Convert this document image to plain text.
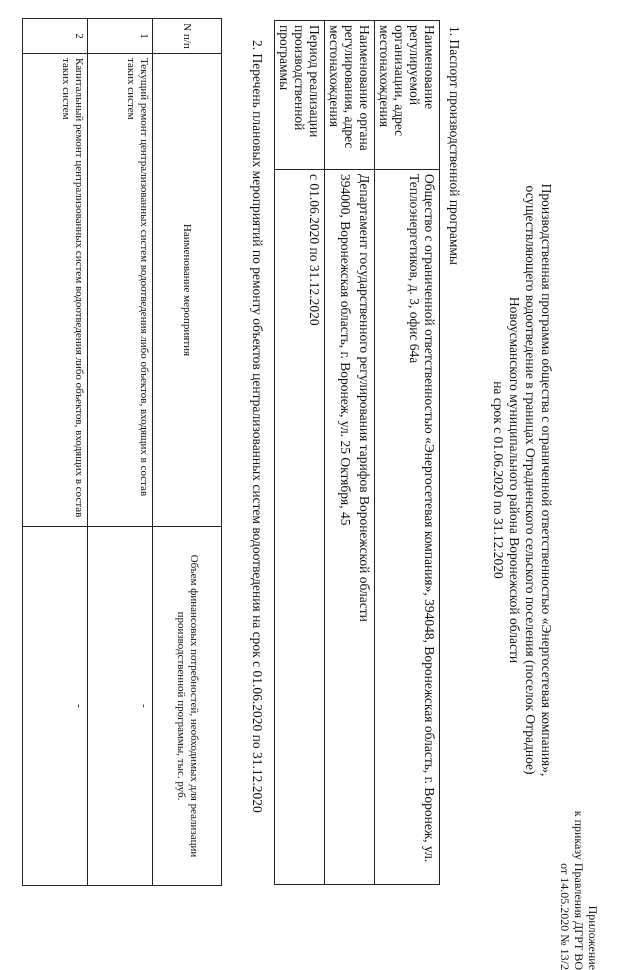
Приложение
к приказу Правления ДГРТ ВО
от 14.05.2020 № 13/2
Производственная программа общества с ограниченной ответственностью «Энергосетевая компания»,
осуществляющего водоотведение в границах Отрадненского сельского поселения (поселок Отрадное)
Новоусманского муниципального района Воронежской области
на срок с 01.06.2020 по 31.12.2020
1. Паспорт производственной программы
Наименование регулируемой организации, адрес местонахождения	Общество с ограниченной ответственностью «Энергосетевая компания», 394048, Воронежская область, г. Воронеж, ул. Теплоэнергетиков, д. 3, офис 64а
Наименование органа регулирования, адрес местонахождения	Департамент государственного регулирования тарифов Воронежской области
394000, Воронежская область, г. Воронеж, ул. 25 Октября, 45

Период реализации производственной программы	с 01.06.2020 по 31.12.2020
2. Перечень плановых мероприятий по ремонту объектов централизованных систем водоотведения на срок с 01.06.2020 по 31.12.2020
N п/п	Наименование мероприятия	Объем финансовых потребностей, необходимых для реализации производственной программы, тыс. руб.
1	Текущий ремонт централизованных систем водоотведения либо объектов, входящих в состав таких систем	-
2	Капитальный ремонт централизованных систем водоотведения либо объектов, входящих в состав таких систем	-
